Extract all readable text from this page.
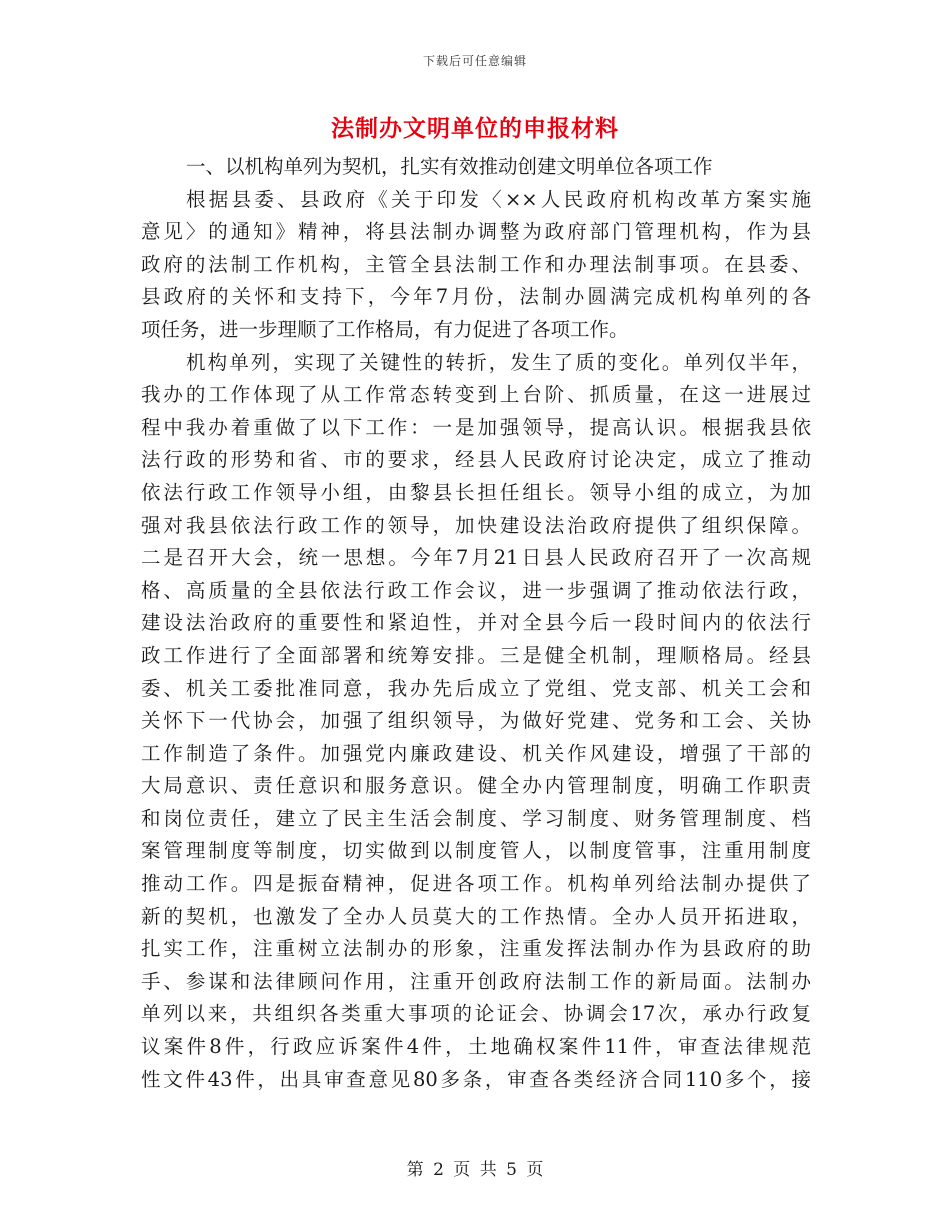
下载后可任意编辑
法制办文明单位的申报材料
一、以机构单列为契机，扎实有效推动创建文明单位各项工作
根据县委、县政府《关于印发〈××人民政府机构改革方案实施
意见〉的通知》精神，将县法制办调整为政府部门管理机构，作为县
政府的法制工作机构，主管全县法制工作和办理法制事项。在县委、
县政府的关怀和支持下，今年7月份，法制办圆满完成机构单列的各
项任务，进一步理顺了工作格局，有力促进了各项工作。
机构单列，实现了关键性的转折，发生了质的变化。单列仅半年，
我办的工作体现了从工作常态转变到上台阶、抓质量，在这一进展过
程中我办着重做了以下工作：一是加强领导，提高认识。根据我县依
法行政的形势和省、市的要求，经县人民政府讨论决定，成立了推动
依法行政工作领导小组，由黎县长担任组长。领导小组的成立，为加
强对我县依法行政工作的领导，加快建设法治政府提供了组织保障。
二是召开大会，统一思想。今年7月21日县人民政府召开了一次高规
格、高质量的全县依法行政工作会议，进一步强调了推动依法行政，
建设法治政府的重要性和紧迫性，并对全县今后一段时间内的依法行
政工作进行了全面部署和统筹安排。三是健全机制，理顺格局。经县
委、机关工委批准同意，我办先后成立了党组、党支部、机关工会和
关怀下一代协会，加强了组织领导，为做好党建、党务和工会、关协
工作制造了条件。加强党内廉政建设、机关作风建设，增强了干部的
大局意识、责任意识和服务意识。健全办内管理制度，明确工作职责
和岗位责任，建立了民主生活会制度、学习制度、财务管理制度、档
案管理制度等制度，切实做到以制度管人，以制度管事，注重用制度
推动工作。四是振奋精神，促进各项工作。机构单列给法制办提供了
新的契机，也激发了全办人员莫大的工作热情。全办人员开拓进取，
扎实工作，注重树立法制办的形象，注重发挥法制办作为县政府的助
手、参谋和法律顾问作用，注重开创政府法制工作的新局面。法制办
单列以来，共组织各类重大事项的论证会、协调会17次，承办行政复
议案件8件，行政应诉案件4件，土地确权案件11件，审查法律规范
性文件43件，出具审查意见80多条，审查各类经济合同110多个，接
第 2 页 共 5 页
